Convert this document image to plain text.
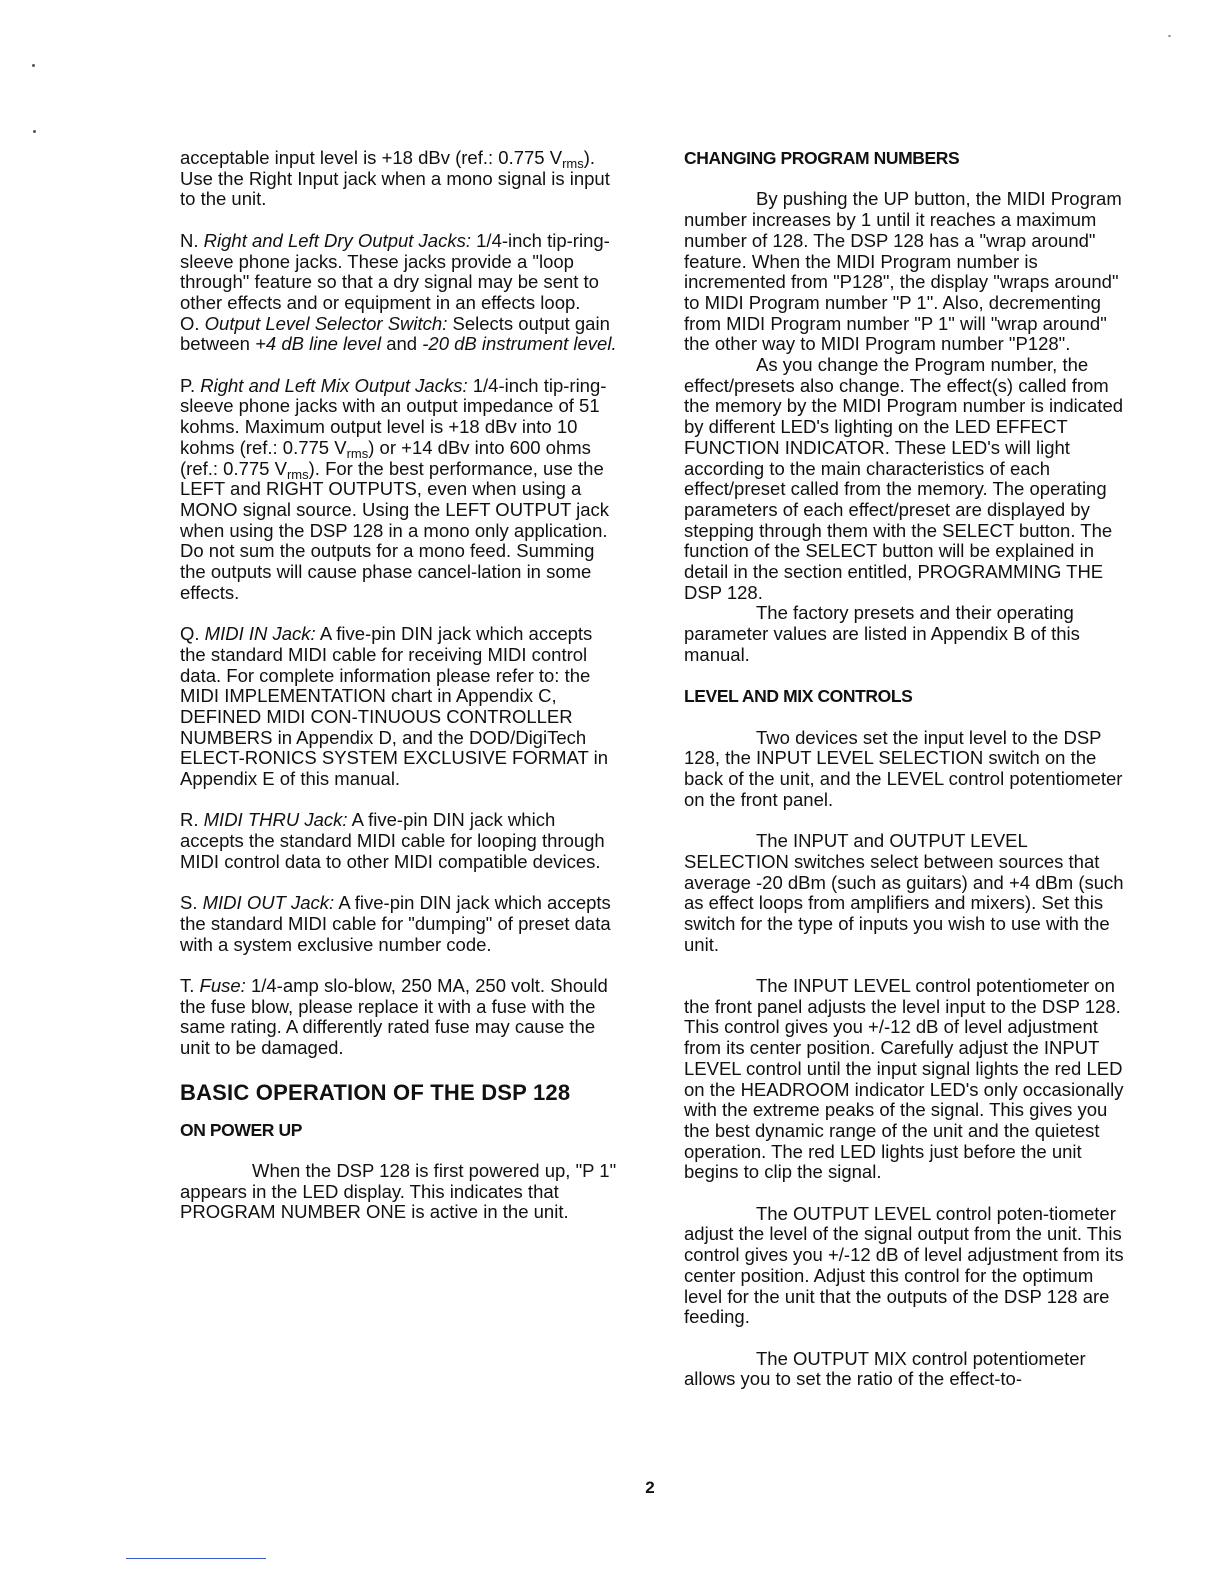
acceptable input level is +18 dBv (ref.: 0.775 $V_{rms}$). Use the Right Input jack when a mono signal is input to the unit.

N. Right and Left Dry Output Jacks: 1/4-inch tip-ring-sleeve phone jacks. These jacks provide a "loop through" feature so that a dry signal may be sent to other effects and or equipment in an effects loop.

O. Output Level Selector Switch: Selects output gain between +4 dB line level and -20 dB instrument level.

P. Right and Left Mix Output Jacks: 1/4-inch tip-ring-sleeve phone jacks with an output impedance of 51 kohms. Maximum output level is +18 dBv into 10 kohms (ref.: 0.775 $V_{rms}$) or +14 dBv into 600 ohms (ref.: 0.775 $V_{rms}$). For the best performance, use the LEFT and RIGHT OUTPUTS, even when using a MONO signal source. Using the LEFT OUTPUT jack when using the DSP 128 in a mono only application. Do not sum the outputs for a mono feed. Summing the outputs will cause phase cancel-lation in some effects.

Q. MIDI IN Jack: A five-pin DIN jack which accepts the standard MIDI cable for receiving MIDI control data. For complete information please refer to: the MIDI IMPLEMENTATION chart in Appendix C, DEFINED MIDI CON-TINUOUS CONTROLLER NUMBERS in Appendix D, and the DOD/DigiTech ELECT-RONICS SYSTEM EXCLUSIVE FORMAT in Appendix E of this manual.

R. MIDI THRU Jack: A five-pin DIN jack which accepts the standard MIDI cable for looping through MIDI control data to other MIDI compatible devices.

S. MIDI OUT Jack: A five-pin DIN jack which accepts the standard MIDI cable for "dumping" of preset data with a system exclusive number code.

T. Fuse: 1/4-amp slo-blow, 250 MA, 250 volt. Should the fuse blow, please replace it with a fuse with the same rating. A differently rated fuse may cause the unit to be damaged.

BASIC OPERATION OF THE DSP 128
ON POWER UP

When the DSP 128 is first powered up, "P 1" appears in the LED display. This indicates that PROGRAM NUMBER ONE is active in the unit.

CHANGING PROGRAM NUMBERS

By pushing the UP button, the MIDI Program number increases by 1 until it reaches a maximum number of 128. The DSP 128 has a "wrap around" feature. When the MIDI Program number is incremented from "P128", the display "wraps around" to MIDI Program number "P 1". Also, decrementing from MIDI Program number "P 1" will "wrap around" the other way to MIDI Program number "P128".

As you change the Program number, the effect/presets also change. The effect(s) called from the memory by the MIDI Program number is indicated by different LED's lighting on the LED EFFECT FUNCTION INDICATOR. These LED's will light according to the main characteristics of each effect/preset called from the memory. The operating parameters of each effect/preset are displayed by stepping through them with the SELECT button. The function of the SELECT button will be explained in detail in the section entitled, PROGRAMMING THE DSP 128.

The factory presets and their operating parameter values are listed in Appendix B of this manual.

LEVEL AND MIX CONTROLS

Two devices set the input level to the DSP 128, the INPUT LEVEL SELECTION switch on the back of the unit, and the LEVEL control potentiometer on the front panel.

The INPUT and OUTPUT LEVEL SELECTION switches select between sources that average -20 dBm (such as guitars) and +4 dBm (such as effect loops from amplifiers and mixers). Set this switch for the type of inputs you wish to use with the unit.

The INPUT LEVEL control potentiometer on the front panel adjusts the level input to the DSP 128. This control gives you +/-12 dB of level adjustment from its center position. Carefully adjust the INPUT LEVEL control until the input signal lights the red LED on the HEADROOM indicator LED's only occasionally with the extreme peaks of the signal. This gives you the best dynamic range of the unit and the quietest operation. The red LED lights just before the unit begins to clip the signal.

The OUTPUT LEVEL control poten-tiometer adjust the level of the signal output from the unit. This control gives you +/-12 dB of level adjustment from its center position. Adjust this control for the optimum level for the unit that the outputs of the DSP 128 are feeding.

The OUTPUT MIX control potentiometer allows you to set the ratio of the effect-to-

2
